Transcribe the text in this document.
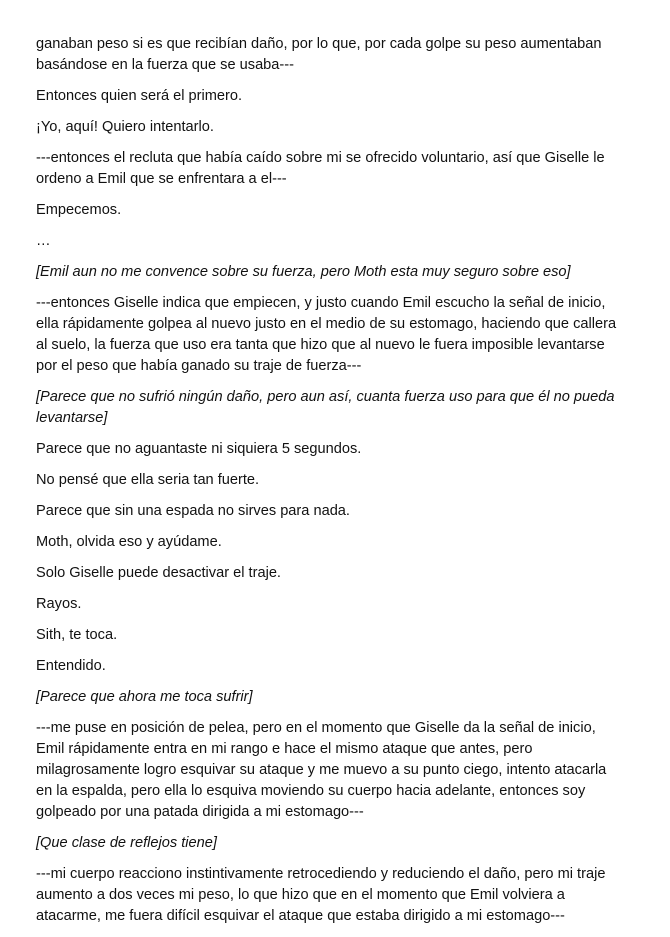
ganaban peso si es que recibían daño, por lo que, por cada golpe su peso aumentaban
basándose en la fuerza que se usaba---

Entonces quien será el primero.

¡Yo, aquí! Quiero intentarlo.

---entonces el recluta que había caído sobre mi se ofrecido voluntario, así que Giselle le
ordeno a Emil que se enfrentara a el---

Empecemos.

…

[Emil aun no me convence sobre su fuerza, pero Moth esta muy seguro sobre eso]

---entonces Giselle indica que empiecen, y justo cuando Emil escucho la señal de inicio,
ella rápidamente golpea al nuevo justo en el medio de su estomago, haciendo que callera
al suelo, la fuerza que uso era tanta que hizo que al nuevo le fuera imposible levantarse
por el peso que había ganado su traje de fuerza---

[Parece que no sufrió ningún daño, pero aun así, cuanta fuerza uso para que él no pueda
levantarse]

Parece que no aguantaste ni siquiera 5 segundos.

No pensé que ella seria tan fuerte.

Parece que sin una espada no sirves para nada.

Moth, olvida eso y ayúdame.

Solo Giselle puede desactivar el traje.

Rayos.

Sith, te toca.

Entendido.

[Parece que ahora me toca sufrir]

---me puse en posición de pelea, pero en el momento que Giselle da la señal de inicio,
Emil rápidamente entra en mi rango e hace el mismo ataque que antes, pero
milagrosamente logro esquivar su ataque y me muevo a su punto ciego, intento atacarla
en la espalda, pero ella lo esquiva moviendo su cuerpo hacia adelante, entonces soy
golpeado por una patada dirigida a mi estomago---

[Que clase de reflejos tiene]

---mi cuerpo reacciono instintivamente retrocediendo y reduciendo el daño, pero mi traje
aumento a dos veces mi peso, lo que hizo que en el momento que Emil volviera a
atacarme, me fuera difícil esquivar el ataque que estaba dirigido a mi estomago---
